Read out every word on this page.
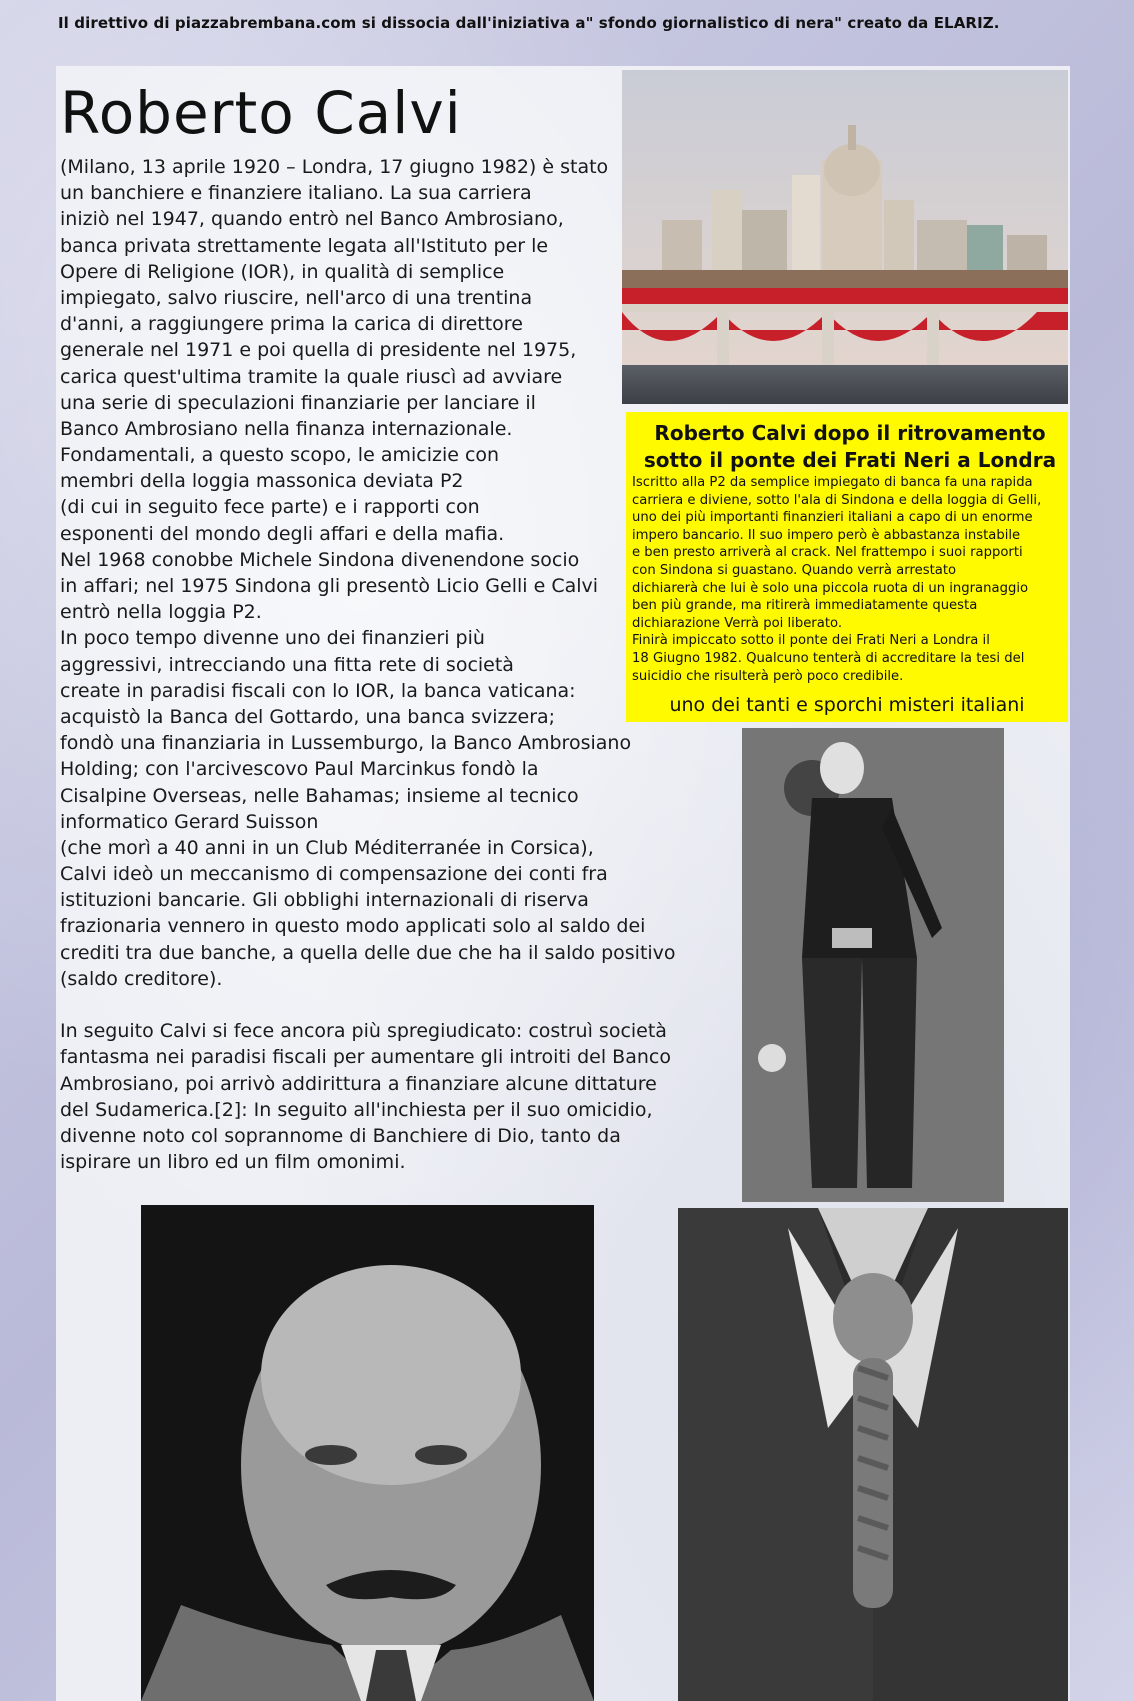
Il direttivo di piazzabrembana.com si dissocia dall'iniziativa a" sfondo giornalistico di nera" creato da ELARIZ.
Roberto Calvi
(Milano, 13 aprile 1920 – Londra, 17 giugno 1982) è stato
un banchiere e finanziere italiano. La sua carriera
iniziò nel 1947, quando entrò nel Banco Ambrosiano,
banca privata strettamente legata all'Istituto per le
Opere di Religione (IOR), in qualità di semplice
impiegato, salvo riuscire, nell'arco di una trentina
d'anni, a raggiungere prima la carica di direttore
generale nel 1971 e poi quella di presidente nel 1975,
carica quest'ultima tramite la quale riuscì ad avviare
una serie di speculazioni finanziarie per lanciare il
Banco Ambrosiano nella finanza internazionale.
Fondamentali, a questo scopo, le amicizie con
membri della loggia massonica deviata P2
(di cui in seguito fece parte) e i rapporti con
esponenti del mondo degli affari e della mafia.
Nel 1968 conobbe Michele Sindona divenendone socio
in affari; nel 1975 Sindona gli presentò Licio Gelli e Calvi
entrò nella loggia P2.
In poco tempo divenne uno dei finanzieri più
aggressivi, intrecciando una fitta rete di società
create in paradisi fiscali con lo IOR, la banca vaticana:
acquistò la Banca del Gottardo, una banca svizzera;
fondò una finanziaria in Lussemburgo, la Banco Ambrosiano
Holding; con l'arcivescovo Paul Marcinkus fondò la
Cisalpine Overseas, nelle Bahamas; insieme al tecnico
informatico Gerard Suisson
(che morì a 40 anni in un Club Méditerranée in Corsica),
Calvi ideò un meccanismo di compensazione dei conti fra
istituzioni bancarie. Gli obblighi internazionali di riserva
frazionaria vennero in questo modo applicati solo al saldo dei
crediti tra due banche, a quella delle due che ha il saldo positivo
(saldo creditore).
In seguito Calvi si fece ancora più spregiudicato: costruì società
fantasma nei paradisi fiscali per aumentare gli introiti del Banco
Ambrosiano, poi arrivò addirittura a finanziare alcune dittature
del Sudamerica.[2]: In seguito all'inchiesta per il suo omicidio,
divenne noto col soprannome di Banchiere di Dio, tanto da
ispirare un libro ed un film omonimi.
Roberto Calvi dopo il ritrovamento
sotto il ponte dei Frati Neri a Londra
Iscritto alla P2 da semplice impiegato di banca fa una rapida
carriera e diviene, sotto l'ala di Sindona e della loggia di Gelli,
uno dei più importanti finanzieri italiani a capo di un enorme
impero bancario. Il suo impero però è abbastanza instabile
e ben presto arriverà al crack. Nel frattempo i suoi rapporti
con Sindona si guastano. Quando verrà arrestato
dichiarerà che lui è solo una piccola ruota di un ingranaggio
ben più grande, ma ritirerà immediatamente questa
dichiarazione Verrà poi liberato.
Finirà impiccato sotto il ponte dei Frati Neri a Londra il
18 Giugno 1982. Qualcuno tenterà di accreditare la tesi del
suicidio che risulterà però poco credibile.
uno dei tanti e sporchi misteri italiani
